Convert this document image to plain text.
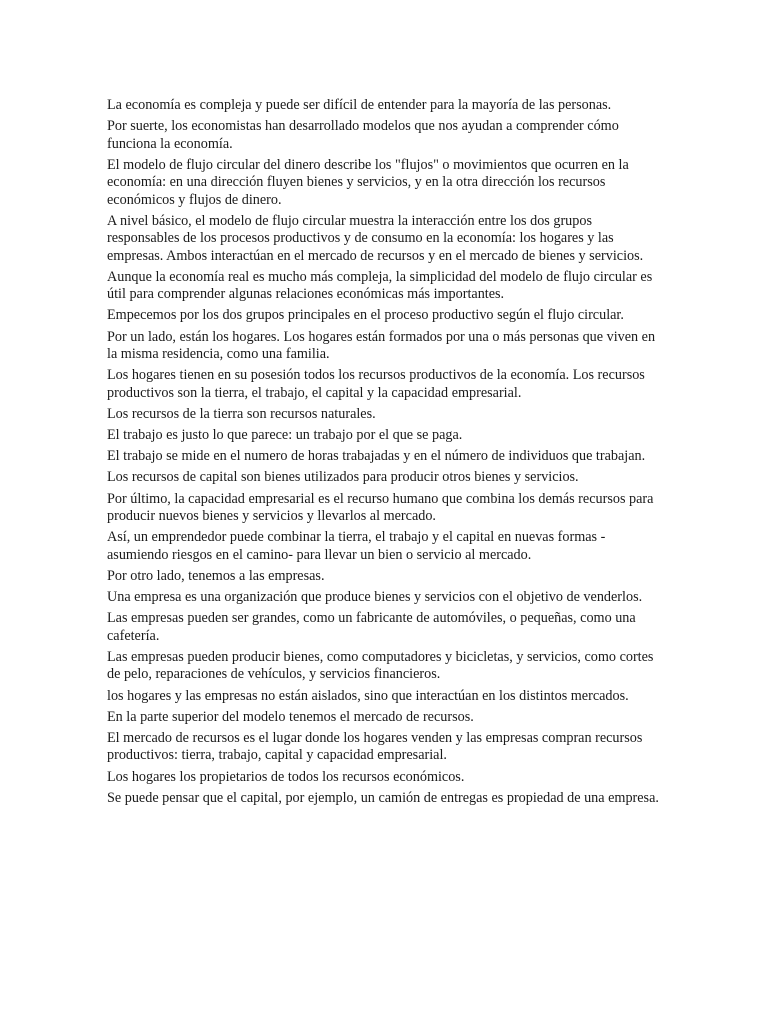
La economía es compleja y puede ser difícil de entender para la mayoría de las personas.

Por suerte, los economistas han desarrollado modelos que nos ayudan a comprender cómo funciona la economía.

El modelo de flujo circular del dinero describe los "flujos" o movimientos que ocurren en la economía: en una dirección fluyen bienes y servicios, y en la otra dirección los recursos económicos y flujos de dinero.

A nivel básico, el modelo de flujo circular muestra la interacción entre los dos grupos responsables de los procesos productivos y de consumo en la economía: los hogares y las empresas. Ambos interactúan en el mercado de recursos y en el mercado de bienes y servicios.

Aunque la economía real es mucho más compleja, la simplicidad del modelo de flujo circular es útil para comprender algunas relaciones económicas más importantes.

Empecemos por los dos grupos principales en el proceso productivo según el flujo circular.

Por un lado, están los hogares. Los hogares están formados por una o más personas que viven en la misma residencia, como una familia.

Los hogares tienen en su posesión todos los recursos productivos de la economía. Los recursos productivos son la tierra, el trabajo, el capital y la capacidad empresarial.

Los recursos de la tierra son recursos naturales.

El trabajo es justo lo que parece: un trabajo por el que se paga.

El trabajo se mide en el numero de horas trabajadas y en el número de individuos que trabajan.

Los recursos de capital son bienes utilizados para producir otros bienes y servicios.

Por último, la capacidad empresarial es el recurso humano que combina los demás recursos para producir nuevos bienes y servicios y llevarlos al mercado.

Así, un emprendedor puede combinar la tierra, el trabajo y el capital en nuevas formas - asumiendo riesgos en el camino- para llevar un bien o servicio al mercado.

Por otro lado, tenemos a las empresas.

Una empresa es una organización que produce bienes y servicios con el objetivo de venderlos.

Las empresas pueden ser grandes, como un fabricante de automóviles, o pequeñas, como una cafetería.

Las empresas pueden producir bienes, como computadores y bicicletas, y servicios, como cortes de pelo, reparaciones de vehículos, y servicios financieros.

los hogares y las empresas no están aislados, sino que interactúan en los distintos mercados.

En la parte superior del modelo tenemos el mercado de recursos.

El mercado de recursos es el lugar donde los hogares venden y las empresas compran recursos productivos: tierra, trabajo, capital y capacidad empresarial.

Los hogares los propietarios de todos los recursos económicos.

Se puede pensar que el capital, por ejemplo, un camión de entregas es propiedad de una empresa.
